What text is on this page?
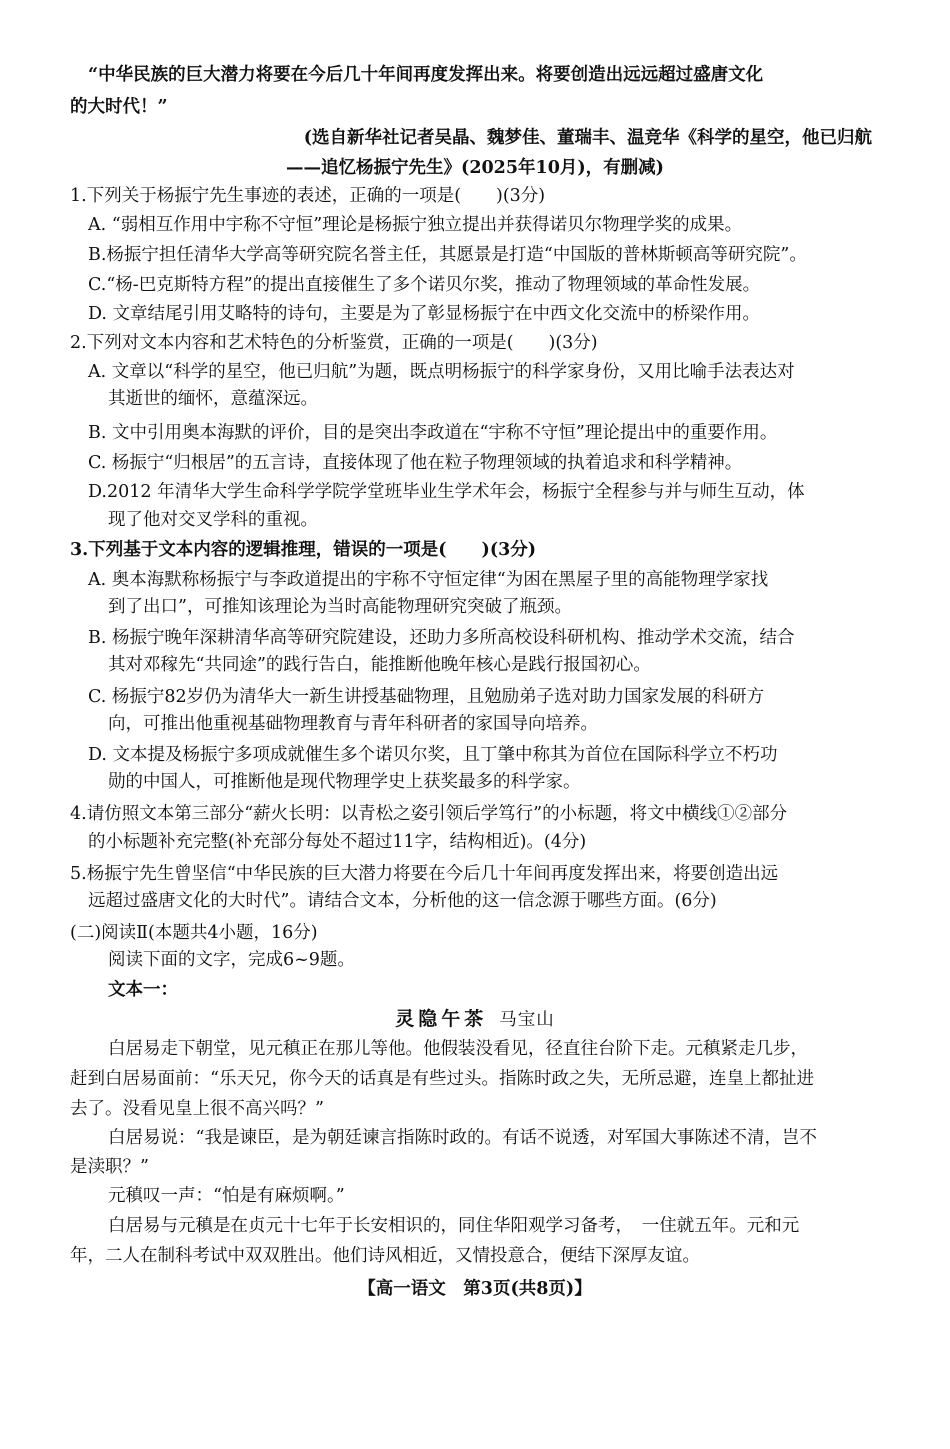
“中华民族的巨大潜力将要在今后几十年间再度发挥出来。将要创造出远远超过盛唐文化
的大时代！”
(选自新华社记者吴晶、魏梦佳、董瑞丰、温竞华《科学的星空，他已归航
——追忆杨振宁先生》(2025年10月)，有删减)
1.下列关于杨振宁先生事迹的表述，正确的一项是(　　)(3分)
A. “弱相互作用中宇称不守恒”理论是杨振宁独立提出并获得诺贝尔物理学奖的成果。
B.杨振宁担任清华大学高等研究院名誉主任，其愿景是打造“中国版的普林斯顿高等研究院”。
C.“杨-巴克斯特方程”的提出直接催生了多个诺贝尔奖，推动了物理领域的革命性发展。
D. 文章结尾引用艾略特的诗句，主要是为了彰显杨振宁在中西文化交流中的桥梁作用。
2.下列对文本内容和艺术特色的分析鉴赏，正确的一项是(　　)(3分)
A. 文章以“科学的星空，他已归航”为题，既点明杨振宁的科学家身份，又用比喻手法表达对
其逝世的缅怀，意蕴深远。
B. 文中引用奥本海默的评价，目的是突出李政道在“宇称不守恒”理论提出中的重要作用。
C. 杨振宁“归根居”的五言诗，直接体现了他在粒子物理领域的执着追求和科学精神。
D.2012 年清华大学生命科学学院学堂班毕业生学术年会，杨振宁全程参与并与师生互动，体
现了他对交叉学科的重视。
3.下列基于文本内容的逻辑推理，错误的一项是(　　)(3分)
A. 奥本海默称杨振宁与李政道提出的宇称不守恒定律“为困在黑屋子里的高能物理学家找
到了出口”，可推知该理论为当时高能物理研究突破了瓶颈。
B. 杨振宁晚年深耕清华高等研究院建设，还助力多所高校设科研机构、推动学术交流，结合
其对邓稼先“共同途”的践行告白，能推断他晚年核心是践行报国初心。
C. 杨振宁82岁仍为清华大一新生讲授基础物理，且勉励弟子选对助力国家发展的科研方
向，可推出他重视基础物理教育与青年科研者的家国导向培养。
D. 文本提及杨振宁多项成就催生多个诺贝尔奖，且丁肇中称其为首位在国际科学立不朽功
勋的中国人，可推断他是现代物理学史上获奖最多的科学家。
4.请仿照文本第三部分“薪火长明：以青松之姿引领后学笃行”的小标题，将文中横线①②部分
的小标题补充完整(补充部分每处不超过11字，结构相近)。(4分)
5.杨振宁先生曾坚信“中华民族的巨大潜力将要在今后几十年间再度发挥出来，将要创造出远
远超过盛唐文化的大时代”。请结合文本，分析他的这一信念源于哪些方面。(6分)
(二)阅读Ⅱ(本题共4小题，16分)
阅读下面的文字，完成6~9题。
文本一：
灵隐午茶 马宝山
白居易走下朝堂，见元稹正在那儿等他。他假装没看见，径直往台阶下走。元稹紧走几步，
赶到白居易面前：“乐天兄，你今天的话真是有些过头。指陈时政之失，无所忌避，连皇上都扯进
去了。没看见皇上很不高兴吗？”
白居易说：“我是谏臣，是为朝廷谏言指陈时政的。有话不说透，对军国大事陈述不清，岂不
是渎职？”
元稹叹一声：“怕是有麻烦啊。”
白居易与元稹是在贞元十七年于长安相识的，同住华阳观学习备考，　一住就五年。元和元
年，二人在制科考试中双双胜出。他们诗风相近，又情投意合，便结下深厚友谊。
【高一语文　第3页(共8页)】
